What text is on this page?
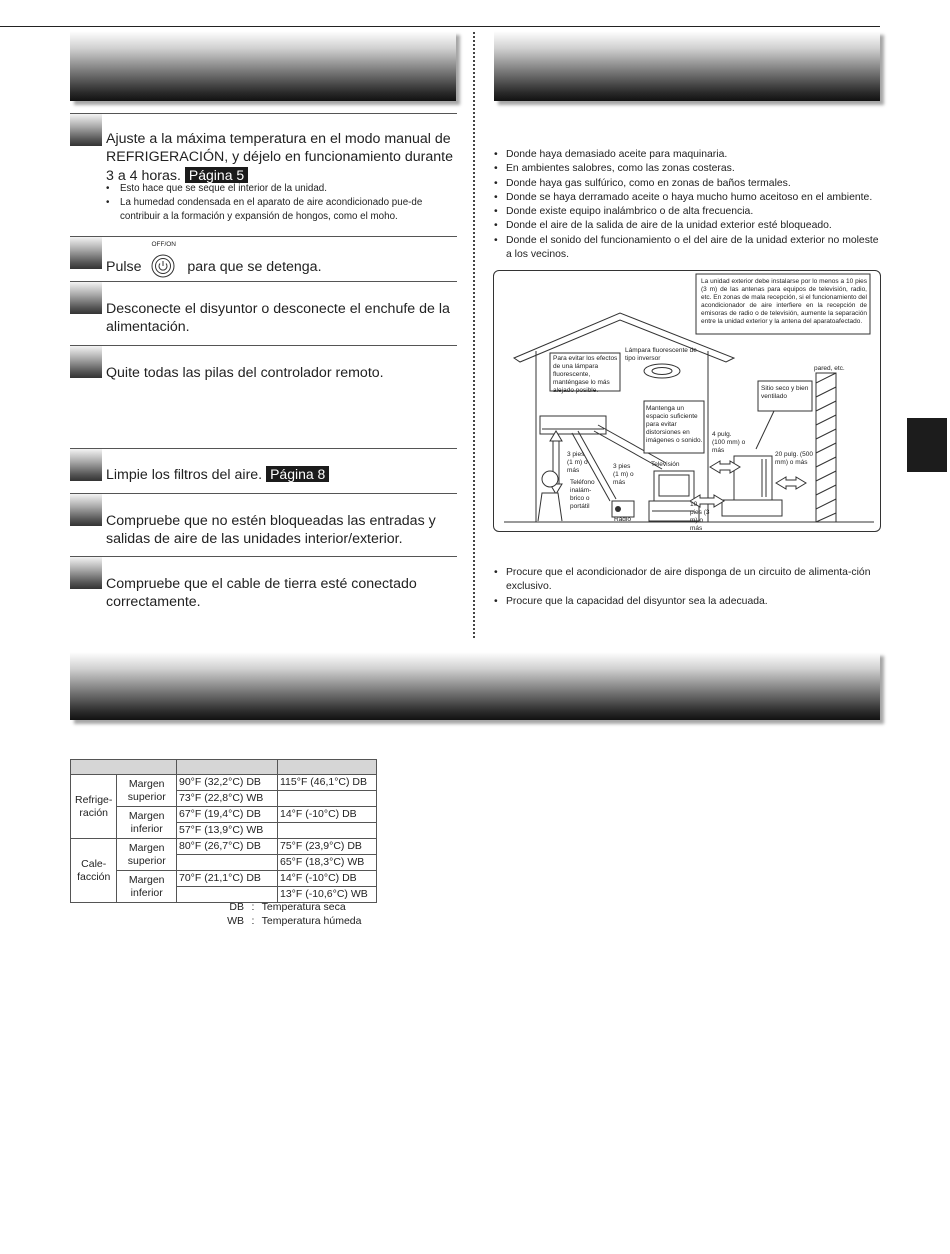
Ajuste a la máxima temperatura en el modo manual de REFRIGERACIÓN, y déjelo en funcionamiento durante 3 a 4 horas. Página 5
• Esto hace que se seque el interior de la unidad.
• La humedad condensada en el aparato de aire acondicionado pue-de contribuir a la formación y expansión de hongos, como el moho.
Pulse
OFF/ON
para que se detenga.
Desconecte el disyuntor o desconecte el enchufe de la alimentación.
Quite todas las pilas del controlador remoto.
Limpie los filtros del aire. Página 8
Compruebe que no estén bloqueadas las entradas y salidas de aire de las unidades interior/exterior.
Compruebe que el cable de tierra esté conectado correctamente.
• Donde haya demasiado aceite para maquinaria.
• En ambientes salobres, como las zonas costeras.
• Donde haya gas sulfúrico, como en zonas de baños termales.
• Donde se haya derramado aceite o haya mucho humo aceitoso en el ambiente.
• Donde existe equipo inalámbrico o de alta frecuencia.
• Donde el aire de la salida de aire de la unidad exterior esté bloqueado.
• Donde el sonido del funcionamiento o el del aire de la unidad exterior no moleste a los vecinos.
La unidad exterior debe instalarse por lo menos a 10 pies (3 m) de las antenas para equipos de televisión, radio, etc. En zonas de mala recepción, si el funcionamiento del acondicionador de aire interfiere en la recepción de emisoras de radio o de televisión, aumente la separación entre la unidad exterior y la antena del aparatoafectado.
Para evitar los efectos de una lámpara fluorescente, manténgase lo más alejado posible.
Lámpara fluorescente de tipo inversor
pared, etc.
Sitio seco y bien ventilado
Mantenga un espacio suficiente para evitar distorsiones en imágenes o sonido.
4 pulg. (100 mm) o más
20 pulg. (500 mm) o más
3 pies (1 m) o más
3 pies (1 m) o más
10 pies (3 m) o más
Teléfono inalám-brico o portátil
Radio
Televisión
• Procure que el acondicionador de aire disponga de un circuito de alimenta-ción exclusivo.
• Procure que la capacidad del disyuntor sea la adecuada.

Refrige-ración	Margen superior	90°F (32,2°C) DB	115°F (46,1°C) DB
		73°F (22,8°C) WB	
	Margen inferior	67°F (19,4°C) DB	14°F (-10°C) DB
		57°F (13,9°C) WB	
Cale-facción	Margen superior	80°F (26,7°C) DB	75°F (23,9°C) DB
			65°F (18,3°C) WB
	Margen inferior	70°F (21,1°C) DB	14°F (-10°C) DB
			13°F (-10,6°C) WB
DB : Temperatura seca
WB : Temperatura húmeda
